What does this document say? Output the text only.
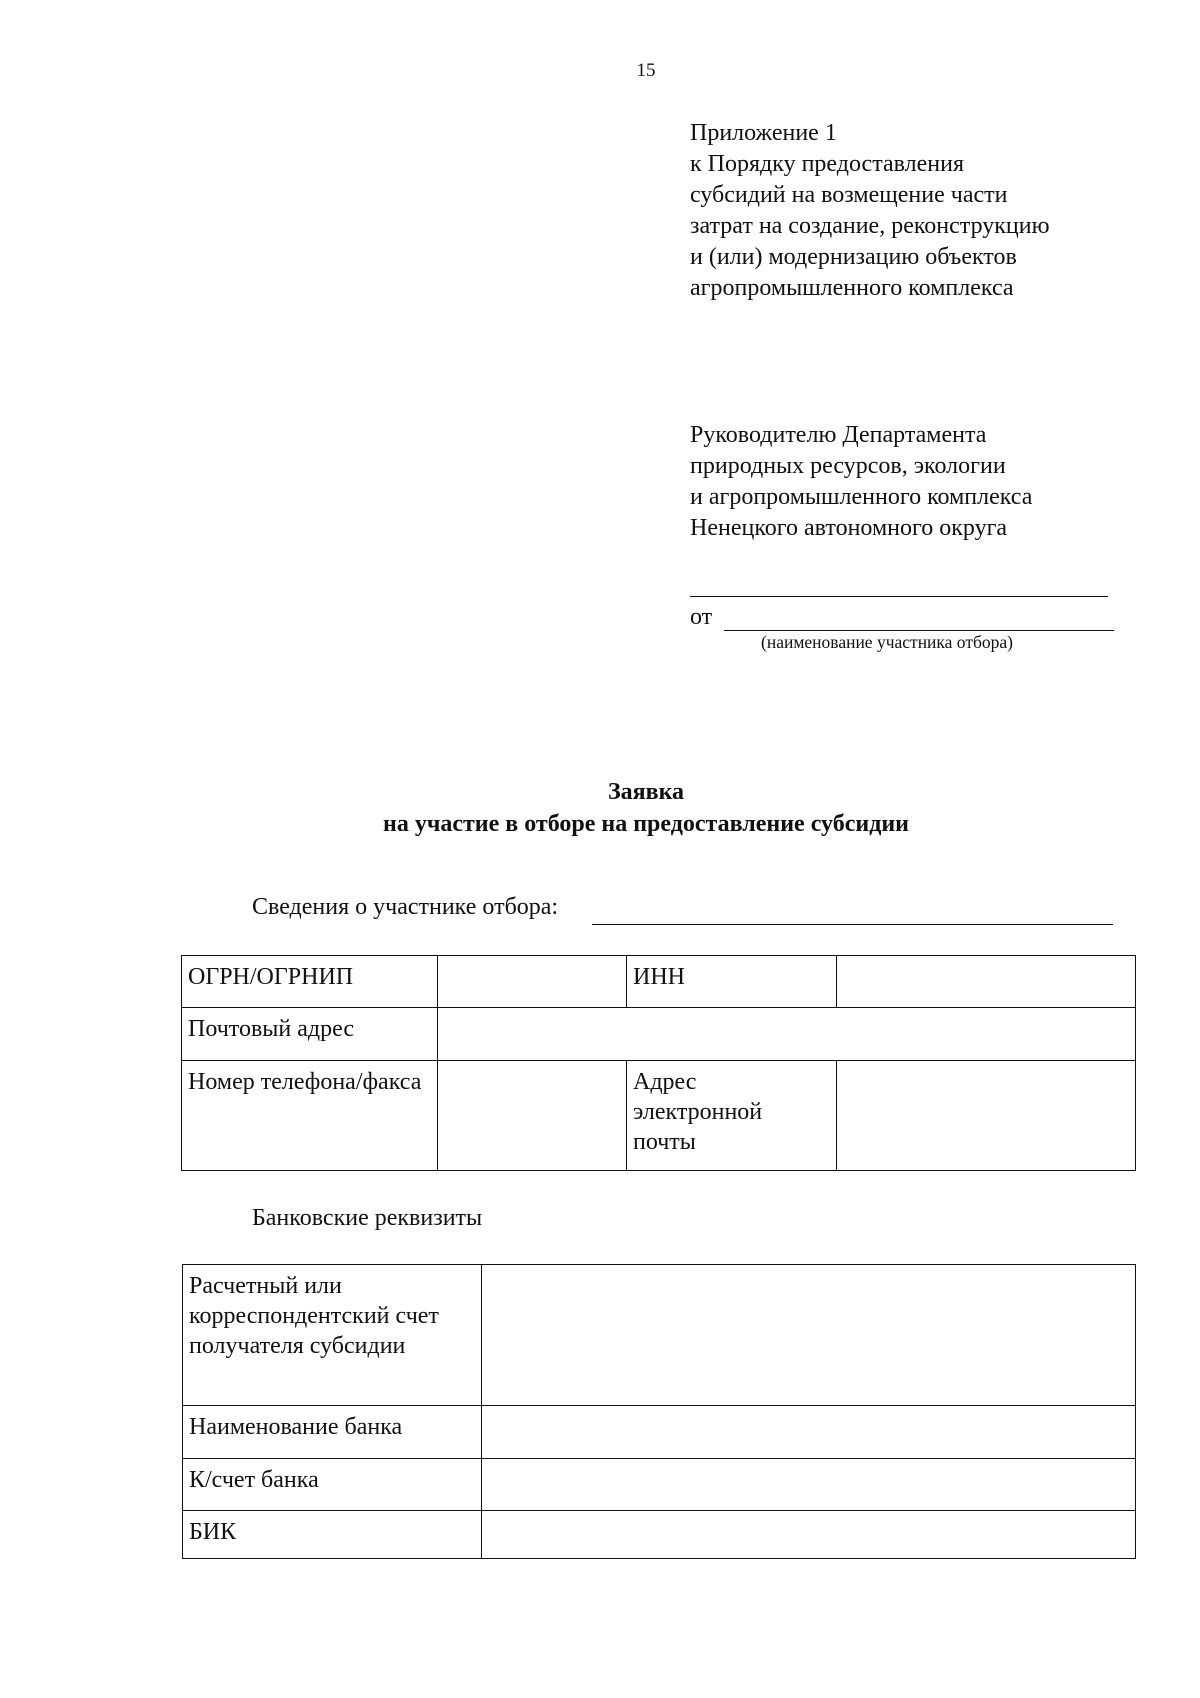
15
Приложение 1
к Порядку предоставления
субсидий на возмещение части
затрат на создание, реконструкцию
и (или) модернизацию объектов
агропромышленного комплекса
Руководителю Департамента
природных ресурсов, экологии
и агропромышленного комплекса
Ненецкого автономного округа
от
(наименование участника отбора)
Заявка
на участие в отборе на предоставление субсидии
Сведения о участнике отбора:
ОГРН/ОГРНИП		ИНН	
Почтовый адрес			
Номер телефона/факса		Адрес электронной почты	
Банковские реквизиты
Расчетный или корреспондентский счет получателя субсидии	
Наименование банка	
К/счет банка	
БИК	
